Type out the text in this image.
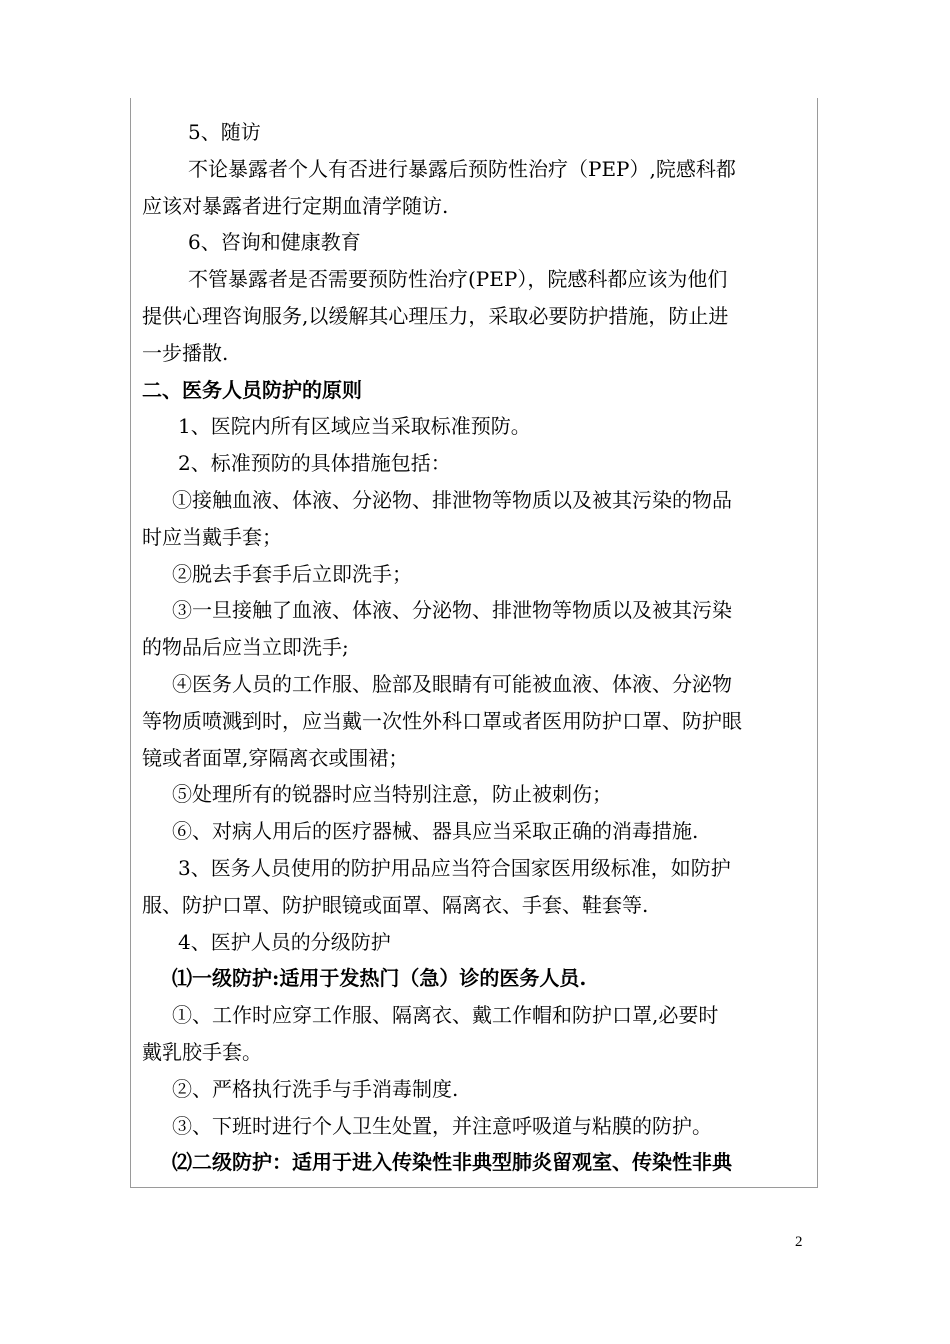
5、随访
不论暴露者个人有否进行暴露后预防性治疗（PEP）,院感科都
应该对暴露者进行定期血清学随访.
6、咨询和健康教育
不管暴露者是否需要预防性治疗(PEP），院感科都应该为他们
提供心理咨询服务,以缓解其心理压力，采取必要防护措施，防止进
一步播散.
二、医务人员防护的原则
1、医院内所有区域应当采取标准预防。
2、标准预防的具体措施包括：
①接触血液、体液、分泌物、排泄物等物质以及被其污染的物品
时应当戴手套；
②脱去手套手后立即洗手；
③一旦接触了血液、体液、分泌物、排泄物等物质以及被其污染
的物品后应当立即洗手;
④医务人员的工作服、脸部及眼睛有可能被血液、体液、分泌物
等物质喷溅到时，应当戴一次性外科口罩或者医用防护口罩、防护眼
镜或者面罩,穿隔离衣或围裙；
⑤处理所有的锐器时应当特别注意，防止被刺伤；
⑥、对病人用后的医疗器械、器具应当采取正确的消毒措施.
3、医务人员使用的防护用品应当符合国家医用级标准，如防护
服、防护口罩、防护眼镜或面罩、隔离衣、手套、鞋套等.
4、医护人员的分级防护
⑴一级防护:适用于发热门（急）诊的医务人员.
①、工作时应穿工作服、隔离衣、戴工作帽和防护口罩,必要时
戴乳胶手套。
②、严格执行洗手与手消毒制度.
③、下班时进行个人卫生处置，并注意呼吸道与粘膜的防护。
⑵二级防护：适用于进入传染性非典型肺炎留观室、传染性非典
2
